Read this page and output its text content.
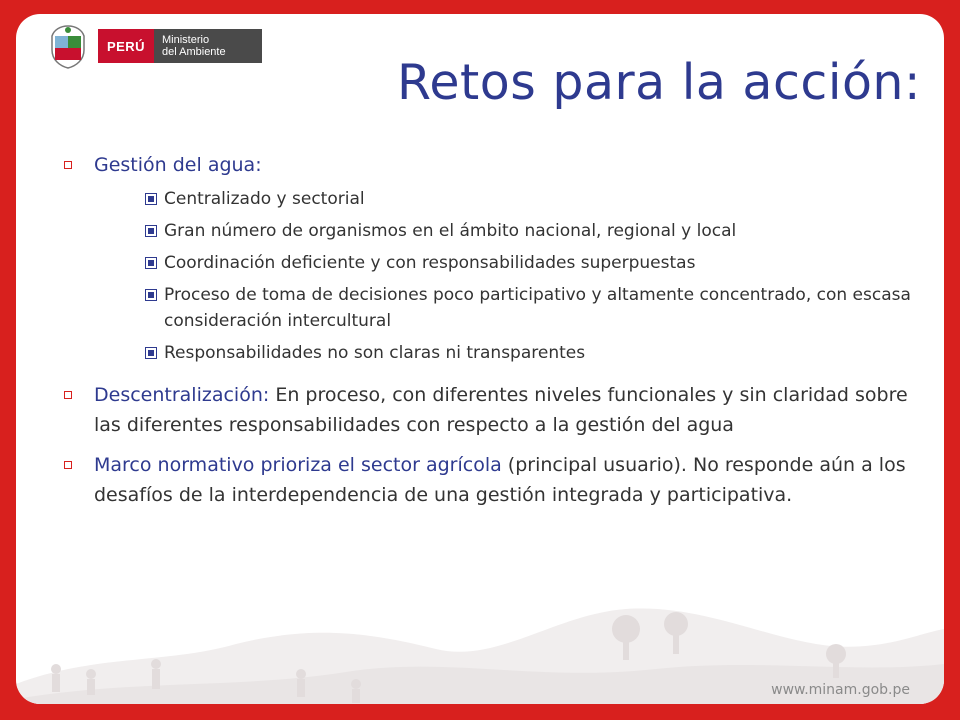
PERÚ	Ministerio
del Ambiente
Retos para la acción:
Gestión del agua:
Centralizado y sectorial
Gran número de organismos en el ámbito nacional, regional y local
Coordinación deficiente y con responsabilidades superpuestas
Proceso de toma de decisiones poco participativo y altamente concentrado, con escasa consideración intercultural
Responsabilidades no son claras ni transparentes
Descentralización: En proceso, con diferentes niveles funcionales y sin claridad sobre las diferentes responsabilidades con respecto a la gestión del agua
Marco normativo prioriza el sector agrícola (principal usuario). No responde aún a los desafíos de la interdependencia de una gestión integrada y participativa.
www.minam.gob.pe
